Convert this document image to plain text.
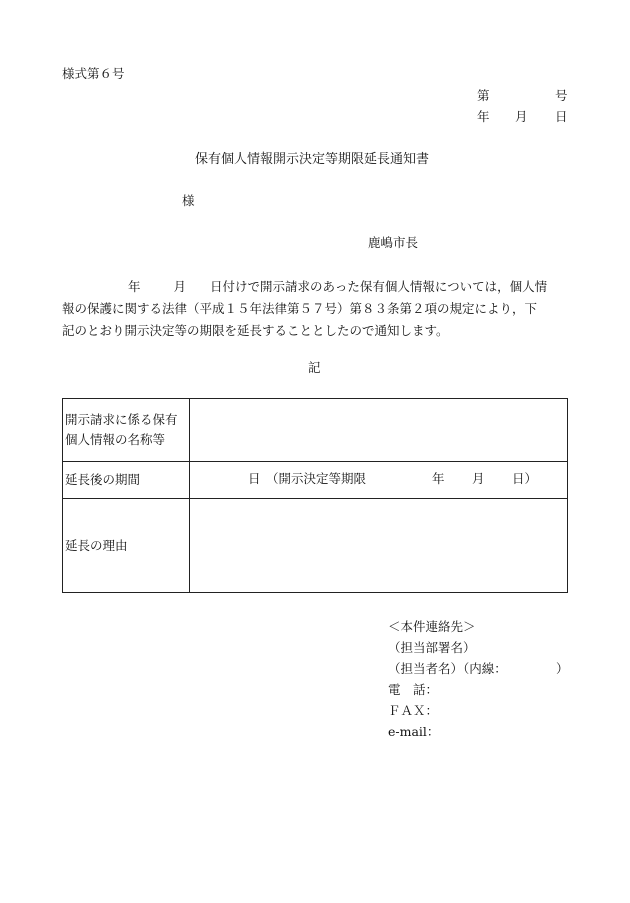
様式第６号
第	号
年 月 日
保有個人情報開示決定等期限延長通知書
様
鹿嶋市長
年	月 日付けで開示請求のあった保有個人情報については，個人情
報の保護に関する法律（平成１５年法律第５７号）第８３条第２項の規定により，下
記のとおり開示決定等の期限を延長することとしたので通知します。
記
開示請求に係る保有
個人情報の名称等	
延長後の期間	日 （開示決定等期限 年 月 日）

延長の理由	
＜本件連絡先＞
（担当部署名）
（担当者名）（内線：	）
電　話：
ＦＡＸ：
e-mail：
